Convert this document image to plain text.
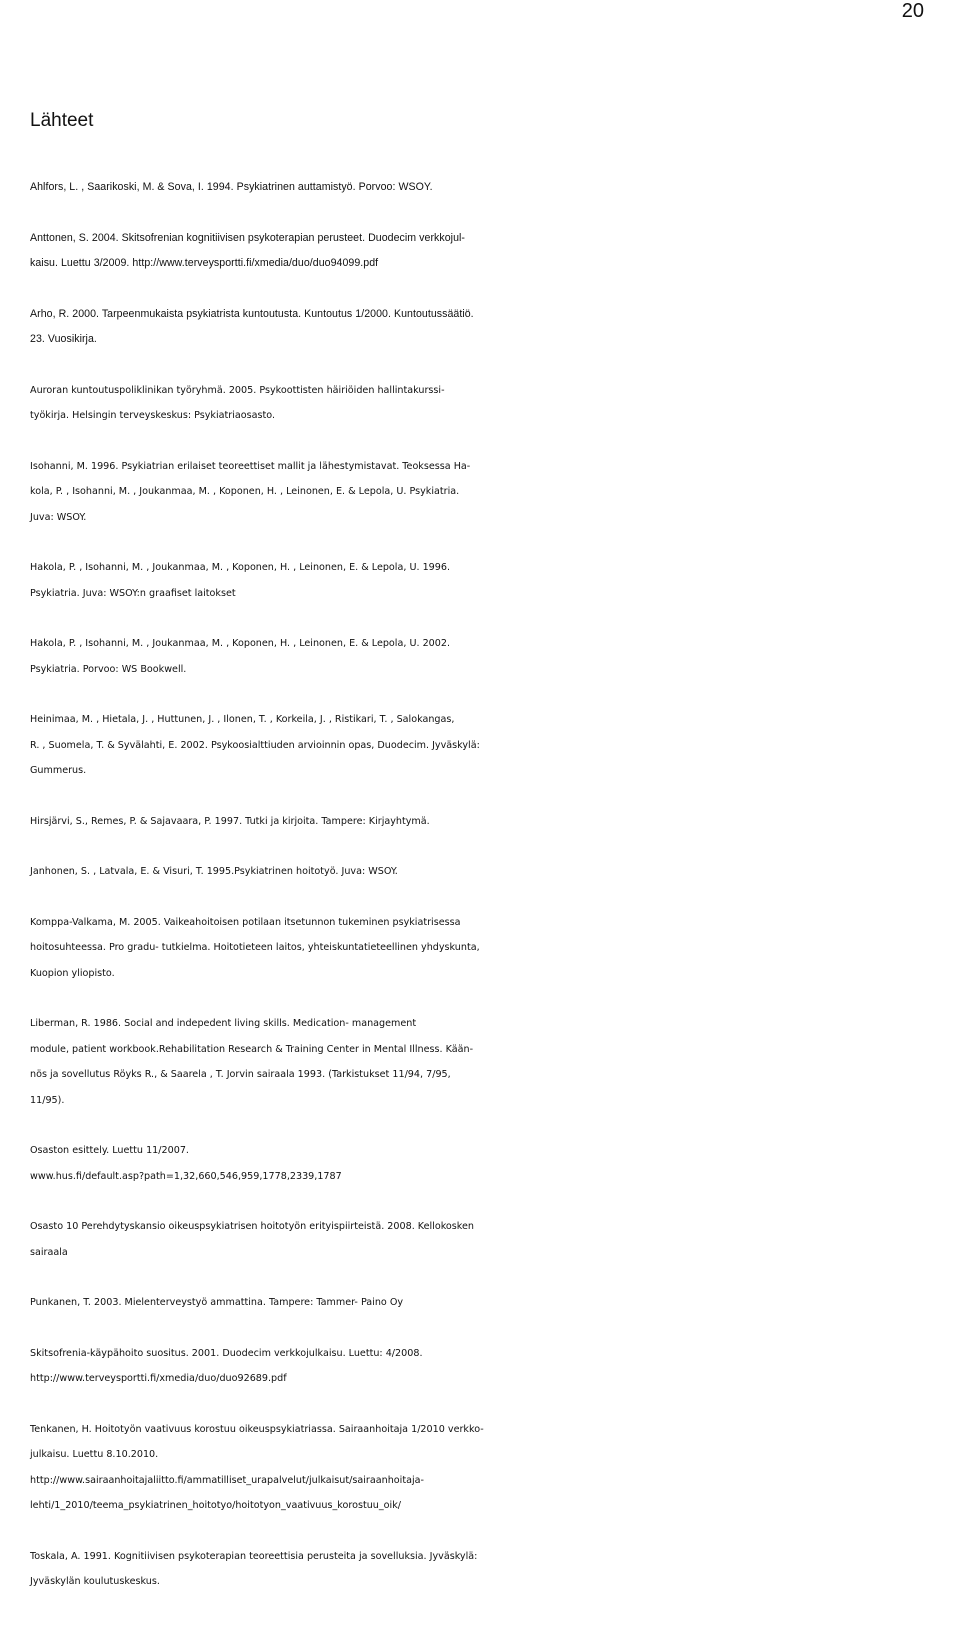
20
Lähteet
Ahlfors, L. , Saarikoski, M. & Sova, I. 1994. Psykiatrinen auttamistyö. Porvoo: WSOY.
Anttonen, S. 2004. Skitsofrenian kognitiivisen psykoterapian perusteet. Duodecim verkkojul-
kaisu. Luettu 3/2009. http://www.terveysportti.fi/xmedia/duo/duo94099.pdf
Arho, R. 2000. Tarpeenmukaista psykiatrista kuntoutusta. Kuntoutus 1/2000. Kuntoutussäätiö.
23. Vuosikirja.
Auroran kuntoutuspoliklinikan työryhmä. 2005. Psykoottisten häiriöiden hallintakurssi-
työkirja. Helsingin terveyskeskus: Psykiatriaosasto.
Isohanni, M. 1996. Psykiatrian erilaiset teoreettiset mallit ja lähestymistavat. Teoksessa Ha-
kola, P. , Isohanni, M. , Joukanmaa, M. , Koponen, H. , Leinonen, E. & Lepola, U. Psykiatria.
Juva: WSOY.
Hakola, P. , Isohanni, M. , Joukanmaa, M. , Koponen, H. , Leinonen, E. & Lepola, U. 1996.
Psykiatria. Juva: WSOY:n graafiset laitokset
Hakola, P. , Isohanni, M. , Joukanmaa, M. , Koponen, H. , Leinonen, E. & Lepola, U. 2002.
Psykiatria. Porvoo: WS Bookwell.
Heinimaa, M. , Hietala, J. , Huttunen, J. , Ilonen, T. , Korkeila, J. , Ristikari, T. , Salokangas,
R. , Suomela, T. & Syvälahti, E. 2002. Psykoosialttiuden arvioinnin opas, Duodecim. Jyväskylä:
Gummerus.
Hirsjärvi, S., Remes, P. & Sajavaara, P. 1997. Tutki ja kirjoita. Tampere: Kirjayhtymä.
Janhonen, S. , Latvala, E. & Visuri, T. 1995.Psykiatrinen hoitotyö. Juva: WSOY.
Komppa-Valkama, M. 2005. Vaikeahoitoisen potilaan itsetunnon tukeminen psykiatrisessa
hoitosuhteessa. Pro gradu- tutkielma. Hoitotieteen laitos, yhteiskuntatieteellinen yhdyskunta,
Kuopion yliopisto.
Liberman, R. 1986. Social and indepedent living skills. Medication- management
module, patient workbook.Rehabilitation Research & Training Center in Mental Illness. Kään-
nös ja sovellutus Röyks R., & Saarela , T. Jorvin sairaala 1993. (Tarkistukset 11/94, 7/95,
11/95).
Osaston esittely. Luettu 11/2007.
www.hus.fi/default.asp?path=1,32,660,546,959,1778,2339,1787
Osasto 10 Perehdytyskansio oikeuspsykiatrisen hoitotyön erityispiirteistä. 2008. Kellokosken
sairaala
Punkanen, T. 2003. Mielenterveystyö ammattina. Tampere: Tammer- Paino Oy
Skitsofrenia-käypähoito suositus. 2001. Duodecim verkkojulkaisu. Luettu: 4/2008.
http://www.terveysportti.fi/xmedia/duo/duo92689.pdf
Tenkanen, H. Hoitotyön vaativuus korostuu oikeuspsykiatriassa. Sairaanhoitaja 1/2010 verkko-
julkaisu. Luettu 8.10.2010.
http://www.sairaanhoitajaliitto.fi/ammatilliset_urapalvelut/julkaisut/sairaanhoitaja-
lehti/1_2010/teema_psykiatrinen_hoitotyo/hoitotyon_vaativuus_korostuu_oik/
Toskala, A. 1991. Kognitiivisen psykoterapian teoreettisia perusteita ja sovelluksia. Jyväskylä:
Jyväskylän koulutuskeskus.
